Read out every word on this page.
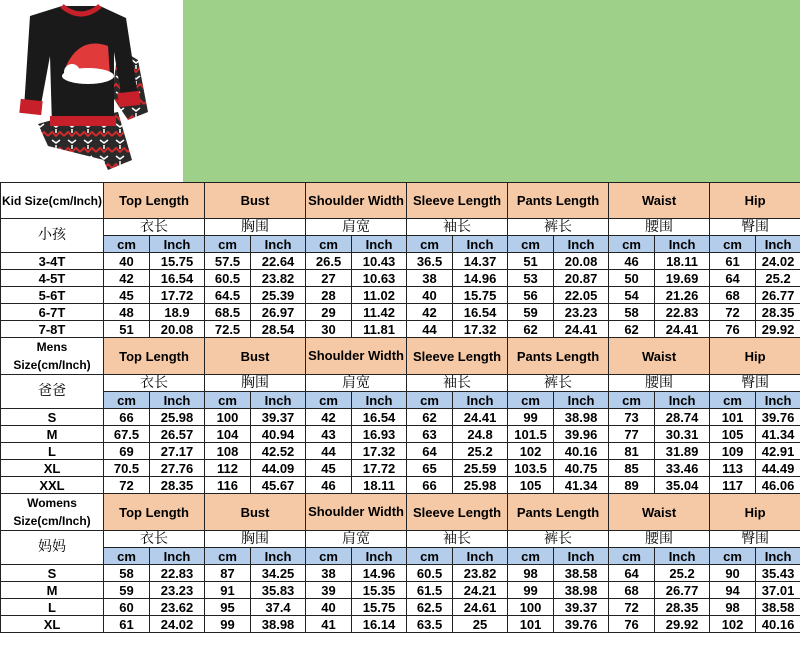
Kid Size(cm/Inch)	Top Length		Bust		Shoulder Width		Sleeve Length		Pants Length		Waist		Hip	
小孩	衣长		胸围		肩宽		袖长		裤长		腰围		臀围	
	cm	Inch	cm	Inch	cm	Inch	cm	Inch	cm	Inch	cm	Inch	cm	Inch
3-4T	40	15.75	57.5	22.64	26.5	10.43	36.5	14.37	51	20.08	46	18.11	61	24.02
4-5T	42	16.54	60.5	23.82	27	10.63	38	14.96	53	20.87	50	19.69	64	25.2
5-6T	45	17.72	64.5	25.39	28	11.02	40	15.75	56	22.05	54	21.26	68	26.77
6-7T	48	18.9	68.5	26.97	29	11.42	42	16.54	59	23.23	58	22.83	72	28.35
7-8T	51	20.08	72.5	28.54	30	11.81	44	17.32	62	24.41	62	24.41	76	29.92
Mens Size(cm/Inch)	Top Length		Bust		Shoulder Width		Sleeve Length		Pants Length		Waist		Hip	
爸爸	衣长		胸围		肩宽		袖长		裤长		腰围		臀围	
	cm	Inch	cm	Inch	cm	Inch	cm	Inch	cm	Inch	cm	Inch	cm	Inch
S	66	25.98	100	39.37	42	16.54	62	24.41	99	38.98	73	28.74	101	39.76
M	67.5	26.57	104	40.94	43	16.93	63	24.8	101.5	39.96	77	30.31	105	41.34
L	69	27.17	108	42.52	44	17.32	64	25.2	102	40.16	81	31.89	109	42.91
XL	70.5	27.76	112	44.09	45	17.72	65	25.59	103.5	40.75	85	33.46	113	44.49
XXL	72	28.35	116	45.67	46	18.11	66	25.98	105	41.34	89	35.04	117	46.06
Womens Size(cm/Inch)	Top Length		Bust		Shoulder Width		Sleeve Length		Pants Length		Waist		Hip	
妈妈	衣长		胸围		肩宽		袖长		裤长		腰围		臀围	
	cm	Inch	cm	Inch	cm	Inch	cm	Inch	cm	Inch	cm	Inch	cm	Inch
S	58	22.83	87	34.25	38	14.96	60.5	23.82	98	38.58	64	25.2	90	35.43
M	59	23.23	91	35.83	39	15.35	61.5	24.21	99	38.98	68	26.77	94	37.01
L	60	23.62	95	37.4	40	15.75	62.5	24.61	100	39.37	72	28.35	98	38.58
XL	61	24.02	99	38.98	41	16.14	63.5	25	101	39.76	76	29.92	102	40.16
